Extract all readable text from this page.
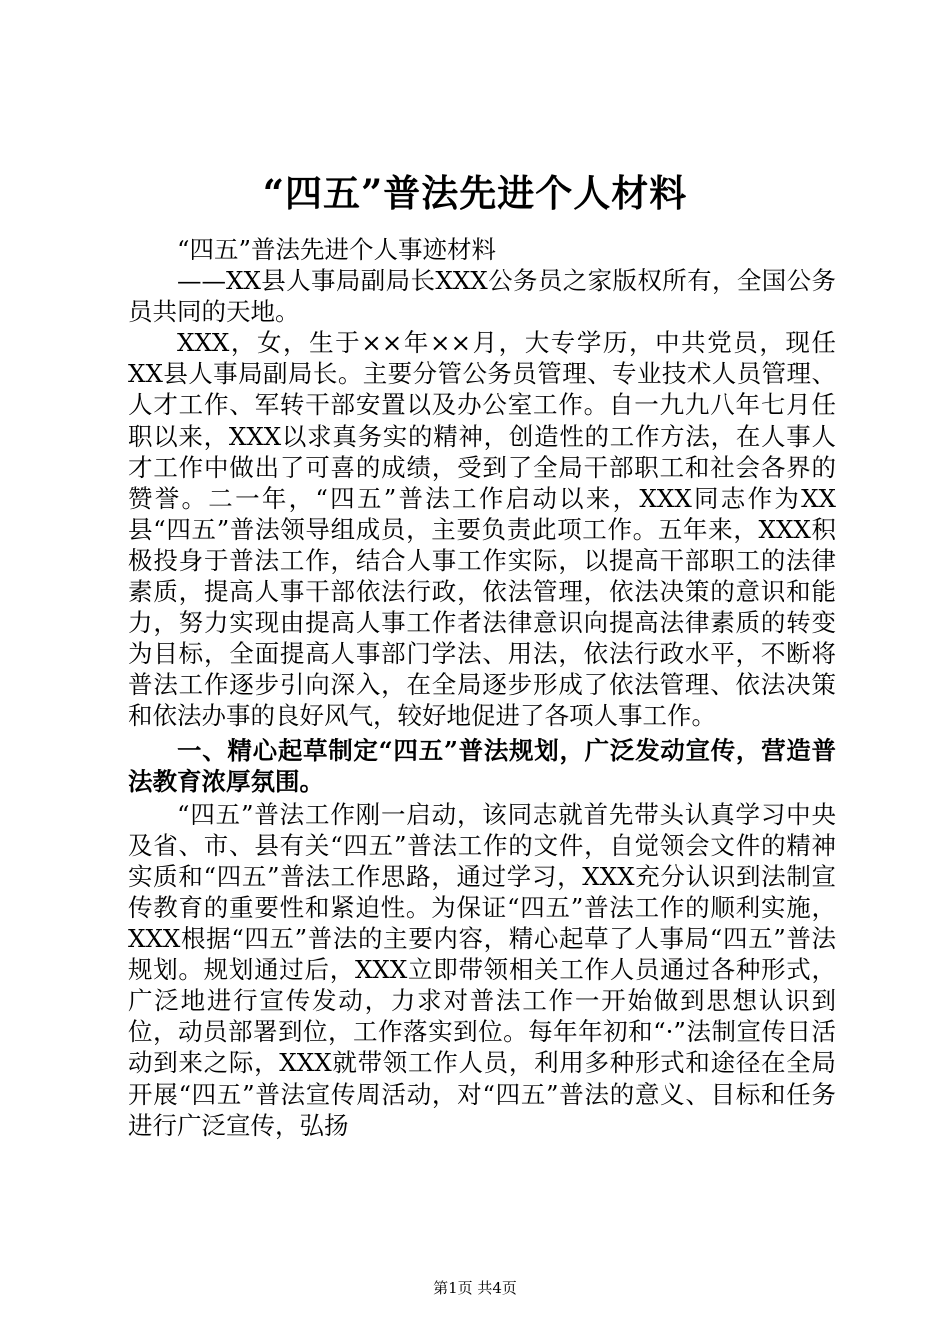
“四五”普法先进个人材料

“四五”普法先进个人事迹材料

——XX县人事局副局长XXX公务员之家版权所有，全国公务员共同的天地。

XXX，女，生于××年××月，大专学历，中共党员，现任XX县人事局副局长。主要分管公务员管理、专业技术人员管理、人才工作、军转干部安置以及办公室工作。自一九九八年七月任职以来，XXX以求真务实的精神，创造性的工作方法，在人事人才工作中做出了可喜的成绩，受到了全局干部职工和社会各界的赞誉。二一年，“四五”普法工作启动以来，XXX同志作为XX县“四五”普法领导组成员，主要负责此项工作。五年来，XXX积极投身于普法工作，结合人事工作实际，以提高干部职工的法律素质，提高人事干部依法行政，依法管理，依法决策的意识和能力，努力实现由提高人事工作者法律意识向提高法律素质的转变为目标，全面提高人事部门学法、用法，依法行政水平，不断将普法工作逐步引向深入，在全局逐步形成了依法管理、依法决策和依法办事的良好风气，较好地促进了各项人事工作。

一、精心起草制定“四五”普法规划，广泛发动宣传，营造普法教育浓厚氛围。

“四五”普法工作刚一启动，该同志就首先带头认真学习中央及省、市、县有关“四五”普法工作的文件，自觉领会文件的精神实质和“四五”普法工作思路，通过学习，XXX充分认识到法制宣传教育的重要性和紧迫性。为保证“四五”普法工作的顺利实施，XXX根据“四五”普法的主要内容，精心起草了人事局“四五”普法规划。规划通过后，XXX立即带领相关工作人员通过各种形式，广泛地进行宣传发动，力求对普法工作一开始做到思想认识到位，动员部署到位，工作落实到位。每年年初和“·”法制宣传日活动到来之际，XXX就带领工作人员，利用多种形式和途径在全局开展“四五”普法宣传周活动，对“四五”普法的意义、目标和任务进行广泛宣传，弘扬

第1页 共4页
